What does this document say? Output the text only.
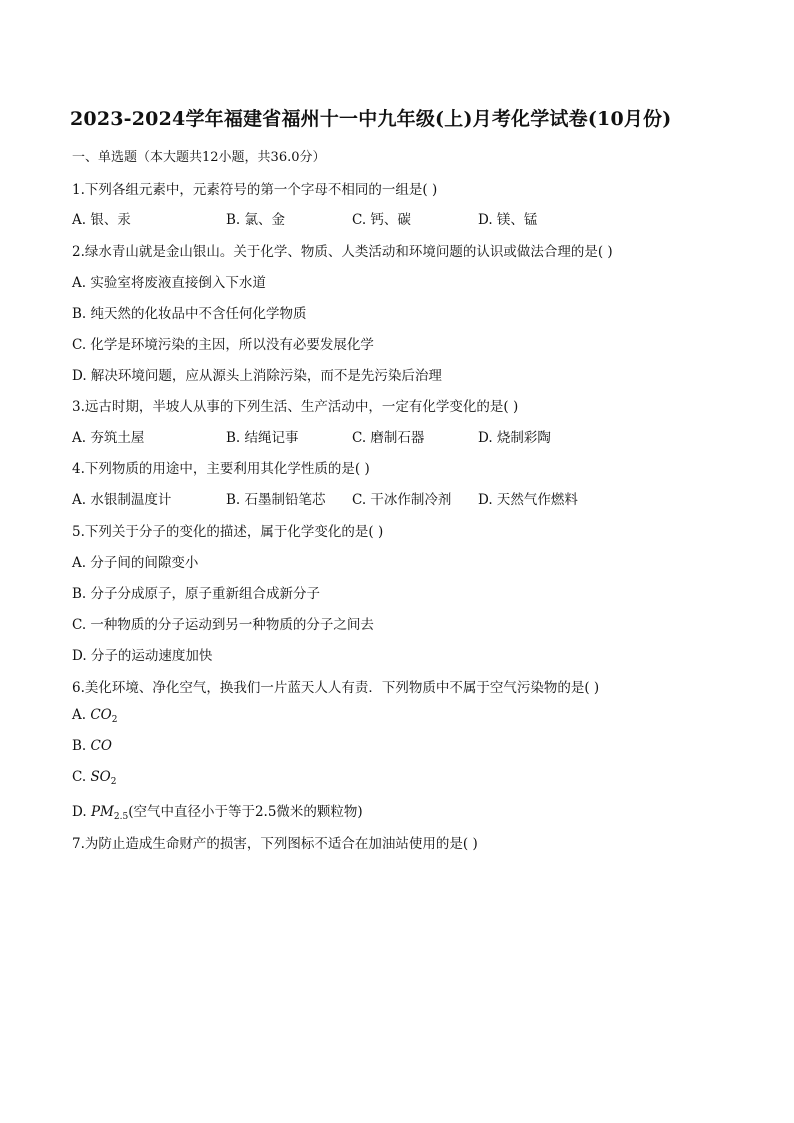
2023-2024学年福建省福州十一中九年级(上)月考化学试卷(10月份)
一、单选题（本大题共12小题，共36.0分）
1.下列各组元素中，元素符号的第一个字母不相同的一组是( )
A. 银、汞	B. 氯、金	C. 钙、碳	D. 镁、锰
2.绿水青山就是金山银山。关于化学、物质、人类活动和环境问题的认识或做法合理的是( )
A. 实验室将废液直接倒入下水道
B. 纯天然的化妆品中不含任何化学物质
C. 化学是环境污染的主因，所以没有必要发展化学
D. 解决环境问题，应从源头上消除污染，而不是先污染后治理
3.远古时期，半坡人从事的下列生活、生产活动中，一定有化学变化的是( )
A. 夯筑土屋	B. 结绳记事	C. 磨制石器	D. 烧制彩陶
4.下列物质的用途中，主要利用其化学性质的是( )
A. 水银制温度计	B. 石墨制铅笔芯 C. 干冰作制冷剂 D. 天然气作燃料
5.下列关于分子的变化的描述，属于化学变化的是( )
A. 分子间的间隙变小
B. 分子分成原子，原子重新组合成新分子
C. 一种物质的分子运动到另一种物质的分子之间去
D. 分子的运动速度加快
6.美化环境、净化空气，换我们一片蓝天人人有责．下列物质中不属于空气污染物的是( )
A. $CO_2$
B. CO
C. $SO_2$
D. $PM_{2.5}$(空气中直径小于等于2.5微米的颗粒物)
7.为防止造成生命财产的损害，下列图标不适合在加油站使用的是( )
